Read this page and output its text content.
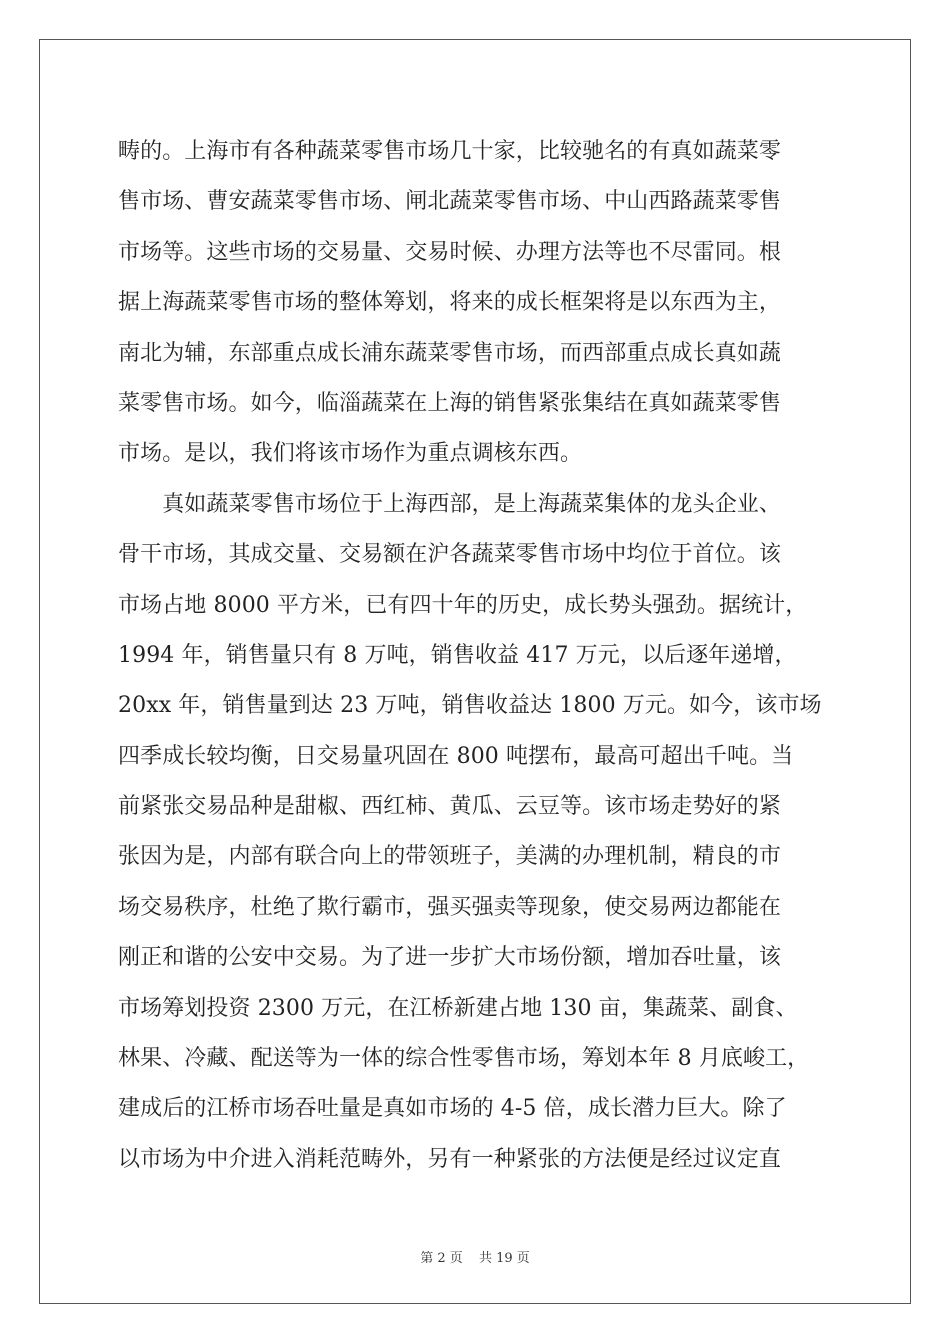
畴的。上海市有各种蔬菜零售市场几十家，比较驰名的有真如蔬菜零
售市场、曹安蔬菜零售市场、闸北蔬菜零售市场、中山西路蔬菜零售
市场等。这些市场的交易量、交易时候、办理方法等也不尽雷同。根
据上海蔬菜零售市场的整体筹划，将来的成长框架将是以东西为主，
南北为辅，东部重点成长浦东蔬菜零售市场，而西部重点成长真如蔬
菜零售市场。如今，临淄蔬菜在上海的销售紧张集结在真如蔬菜零售
市场。是以，我们将该市场作为重点调核东西。
　　真如蔬菜零售市场位于上海西部，是上海蔬菜集体的龙头企业、
骨干市场，其成交量、交易额在沪各蔬菜零售市场中均位于首位。该
市场占地 8000 平方米，已有四十年的历史，成长势头强劲。据统计，
1994 年，销售量只有 8 万吨，销售收益 417 万元，以后逐年递增，
20xx 年，销售量到达 23 万吨，销售收益达 1800 万元。如今，该市场
四季成长较均衡，日交易量巩固在 800 吨摆布，最高可超出千吨。当
前紧张交易品种是甜椒、西红柿、黄瓜、云豆等。该市场走势好的紧
张因为是，内部有联合向上的带领班子，美满的办理机制，精良的市
场交易秩序，杜绝了欺行霸市，强买强卖等现象，使交易两边都能在
刚正和谐的公安中交易。为了进一步扩大市场份额，增加吞吐量，该
市场筹划投资 2300 万元，在江桥新建占地 130 亩，集蔬菜、副食、
林果、冷藏、配送等为一体的综合性零售市场，筹划本年 8 月底峻工，
建成后的江桥市场吞吐量是真如市场的 4-5 倍，成长潜力巨大。除了
以市场为中介进入消耗范畴外，另有一种紧张的方法便是经过议定直
第 2 页 共 19 页
